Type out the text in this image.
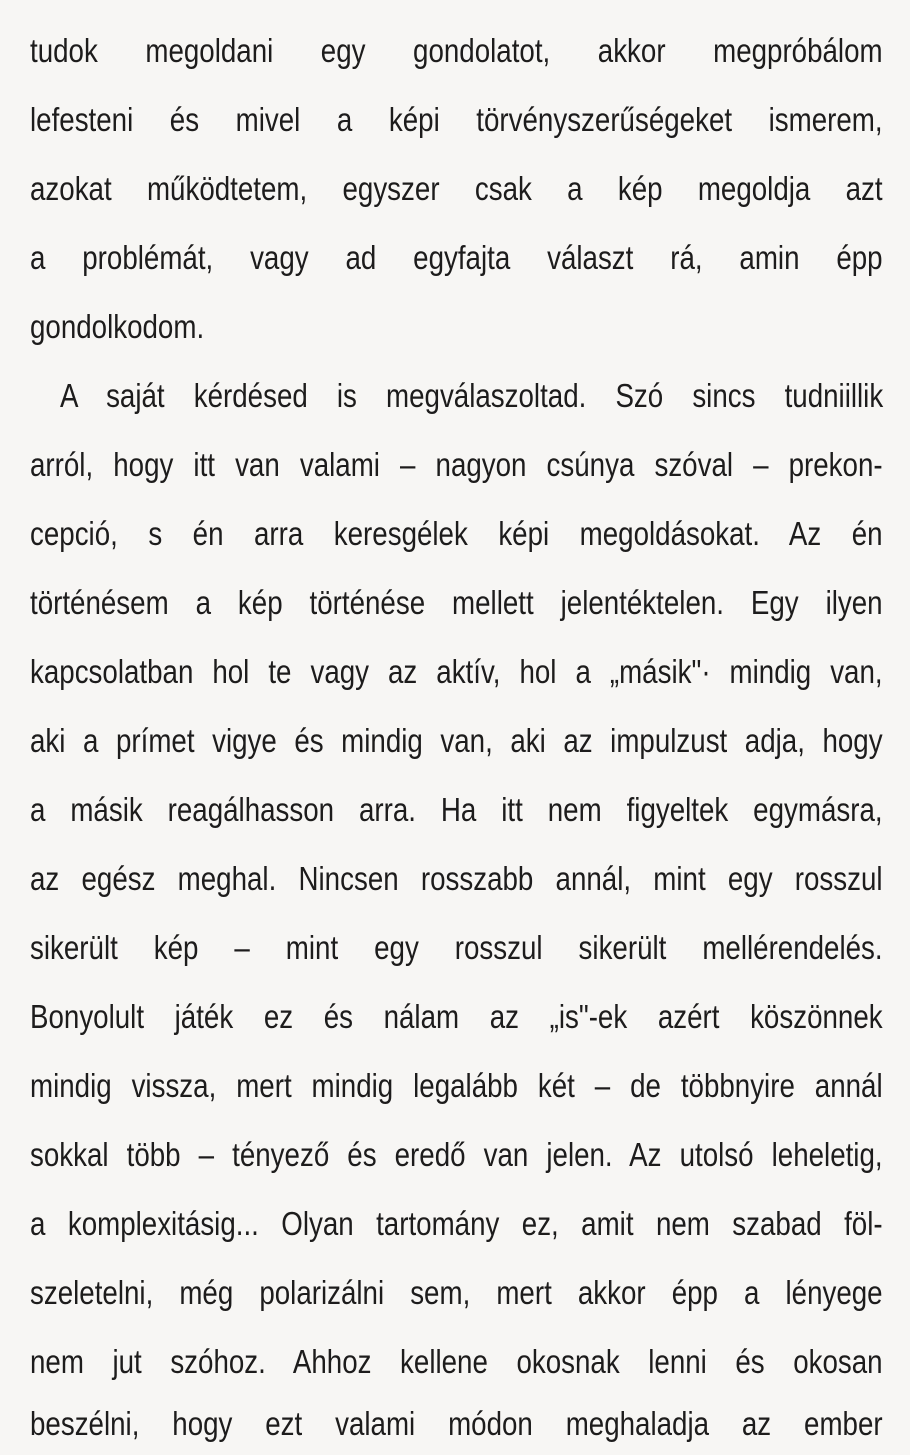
tudok megoldani egy gondolatot, akkor megpróbálom
lefesteni és mivel a képi törvényszerűségeket ismerem,
azokat működtetem, egyszer csak a kép megoldja azt
a problémát, vagy ad egyfajta választ rá, amin épp
gondolkodom.
A saját kérdésed is megválaszoltad. Szó sincs tudniillik
arról, hogy itt van valami – nagyon csúnya szóval – prekon-
cepció, s én arra keresgélek képi megoldásokat. Az én
történésem a kép történése mellett jelentéktelen. Egy ilyen
kapcsolatban hol te vagy az aktív, hol a „másik"· mindig van,
aki a prímet vigye és mindig van, aki az impulzust adja, hogy
a másik reagálhasson arra. Ha itt nem figyeltek egymásra,
az egész meghal. Nincsen rosszabb annál, mint egy rosszul
sikerült kép – mint egy rosszul sikerült mellérendelés.
Bonyolult játék ez és nálam az „is"-ek azért köszönnek
mindig vissza, mert mindig legalább két – de többnyire annál
sokkal több – tényező és eredő van jelen. Az utolsó leheletig,
a komplexitásig... Olyan tartomány ez, amit nem szabad föl-
szeletelni, még polarizálni sem, mert akkor épp a lényege
nem jut szóhoz. Ahhoz kellene okosnak lenni és okosan
beszélni, hogy ezt valami módon meghaladja az ember
